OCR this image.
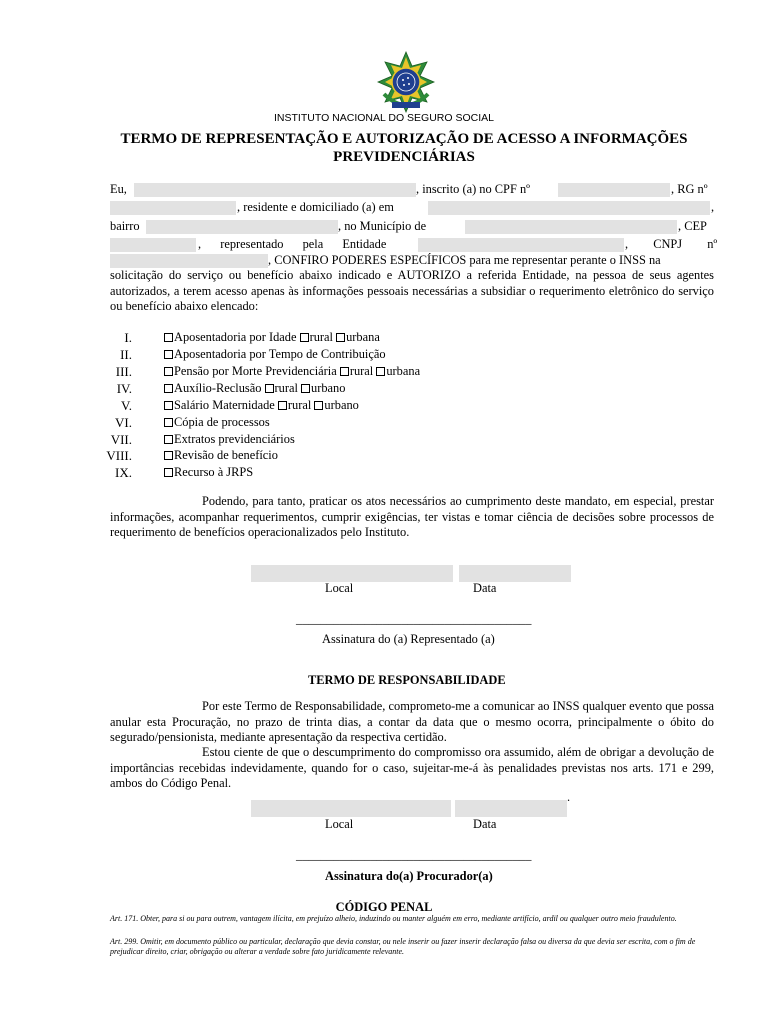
INSTITUTO NACIONAL DO SEGURO SOCIAL
TERMO DE REPRESENTAÇÃO E AUTORIZAÇÃO DE ACESSO A INFORMAÇÕES
PREVIDENCIÁRIAS
Eu,	, inscrito (a) no CPF nº	, RG nº
, residente e domiciliado (a) em	,
bairro	, no Município de	, CEP
, representado pela Entidade	, CNPJ nº
, CONFIRO PODERES ESPECÍFICOS para me representar perante o INSS na
solicitação do serviço ou benefício abaixo indicado e AUTORIZO a referida Entidade, na pessoa de seus agentes autorizados, a terem acesso apenas às informações pessoais necessárias a subsidiar o requerimento eletrônico do serviço ou benefício abaixo elencado:
I.	Aposentadoria por Idade rural urbana
II.	Aposentadoria por Tempo de Contribuição
III.	Pensão por Morte Previdenciária rural urbana
IV.	Auxílio-Reclusão rural urbano
V.	Salário Maternidade rural urbano
VI.	Cópia de processos
VII.	Extratos previdenciários
VIII.	Revisão de benefício
IX.	Recurso à JRPS
Podendo, para tanto, praticar os atos necessários ao cumprimento deste mandato, em especial, prestar informações, acompanhar requerimentos, cumprir exigências, ter vistas e tomar ciência de decisões sobre processos de requerimento de benefícios operacionalizados pelo Instituto.
Local	Data
______________________________________
Assinatura do (a) Representado (a)
TERMO DE RESPONSABILIDADE
Por este Termo de Responsabilidade, comprometo-me a comunicar ao INSS qualquer evento que possa anular esta Procuração, no prazo de trinta dias, a contar da data que o mesmo ocorra, principalmente o óbito do segurado/pensionista, mediante apresentação da respectiva certidão.
Estou ciente de que o descumprimento do compromisso ora assumido, além de obrigar a devolução de importâncias recebidas indevidamente, quando for o caso, sujeitar-me-á às penalidades previstas nos arts. 171 e 299, ambos do Código Penal.
.
Local	Data
______________________________________
Assinatura do(a) Procurador(a)
CÓDIGO PENAL
Art. 171. Obter, para si ou para outrem, vantagem ilícita, em prejuízo alheio, induzindo ou manter alguém em erro, mediante artifício, ardil ou qualquer outro meio fraudulento.
Art. 299. Omitir, em documento público ou particular, declaração que devia constar, ou nele inserir ou fazer inserir declaração falsa ou diversa da que devia ser escrita, com o fim de prejudicar direito, criar, obrigação ou alterar a verdade sobre fato juridicamente relevante.
